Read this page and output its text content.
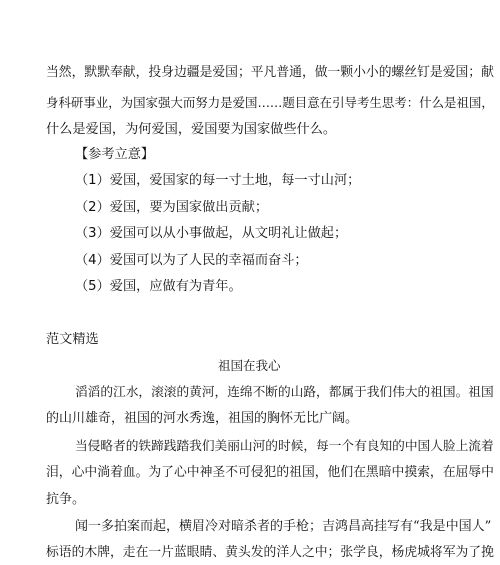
当然，默默奉献，投身边疆是爱国；平凡普通，做一颗小小的螺丝钉是爱国；献
身科研事业，为国家强大而努力是爱国……题目意在引导考生思考：什么是祖国，
什么是爱国，为何爱国，爱国要为国家做些什么。
【参考立意】
（1）爱国，爱国家的每一寸土地，每一寸山河；
（2）爱国，要为国家做出贡献；
（3）爱国可以从小事做起，从文明礼让做起；
（4）爱国可以为了人民的幸福而奋斗；
（5）爱国，应做有为青年。
范文精选
祖国在我心
滔滔的江水，滚滚的黄河，连绵不断的山路，都属于我们伟大的祖国。祖国
的山川雄奇，祖国的河水秀逸，祖国的胸怀无比广阔。
当侵略者的铁蹄践踏我们美丽山河的时候，每一个有良知的中国人脸上流着
泪，心中淌着血。为了心中神圣不可侵犯的祖国，他们在黑暗中摸索，在屈辱中
抗争。
闻一多拍案而起，横眉冷对暗杀者的手枪；吉鸿昌高挂写有“我是中国人”
标语的木牌，走在一片蓝眼睛、黄头发的洋人之中；张学良，杨虎城将军为了挽
